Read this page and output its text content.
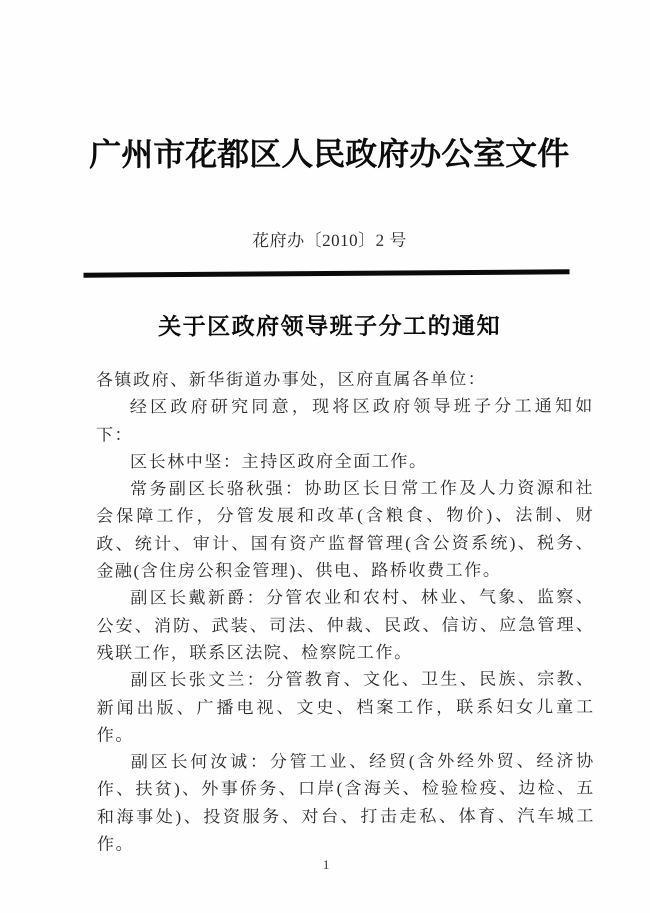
广州市花都区人民政府办公室文件
花府办〔2010〕2 号
关于区政府领导班子分工的通知

各镇政府、新华街道办事处，区府直属各单位：

经区政府研究同意，现将区政府领导班子分工通知如下：

区长林中坚：主持区政府全面工作。

常务副区长骆秋强：协助区长日常工作及人力资源和社会保障工作，分管发展和改革(含粮食、物价)、法制、财政、统计、审计、国有资产监督管理(含公资系统)、税务、金融(含住房公积金管理)、供电、路桥收费工作。

副区长戴新爵：分管农业和农村、林业、气象、监察、公安、消防、武装、司法、仲裁、民政、信访、应急管理、残联工作，联系区法院、检察院工作。

副区长张文兰：分管教育、文化、卫生、民族、宗教、新闻出版、广播电视、文史、档案工作，联系妇女儿童工作。

副区长何汝诚：分管工业、经贸(含外经外贸、经济协作、扶贫)、外事侨务、口岸(含海关、检验检疫、边检、五和海事处)、投资服务、对台、打击走私、体育、汽车城工作。

1
